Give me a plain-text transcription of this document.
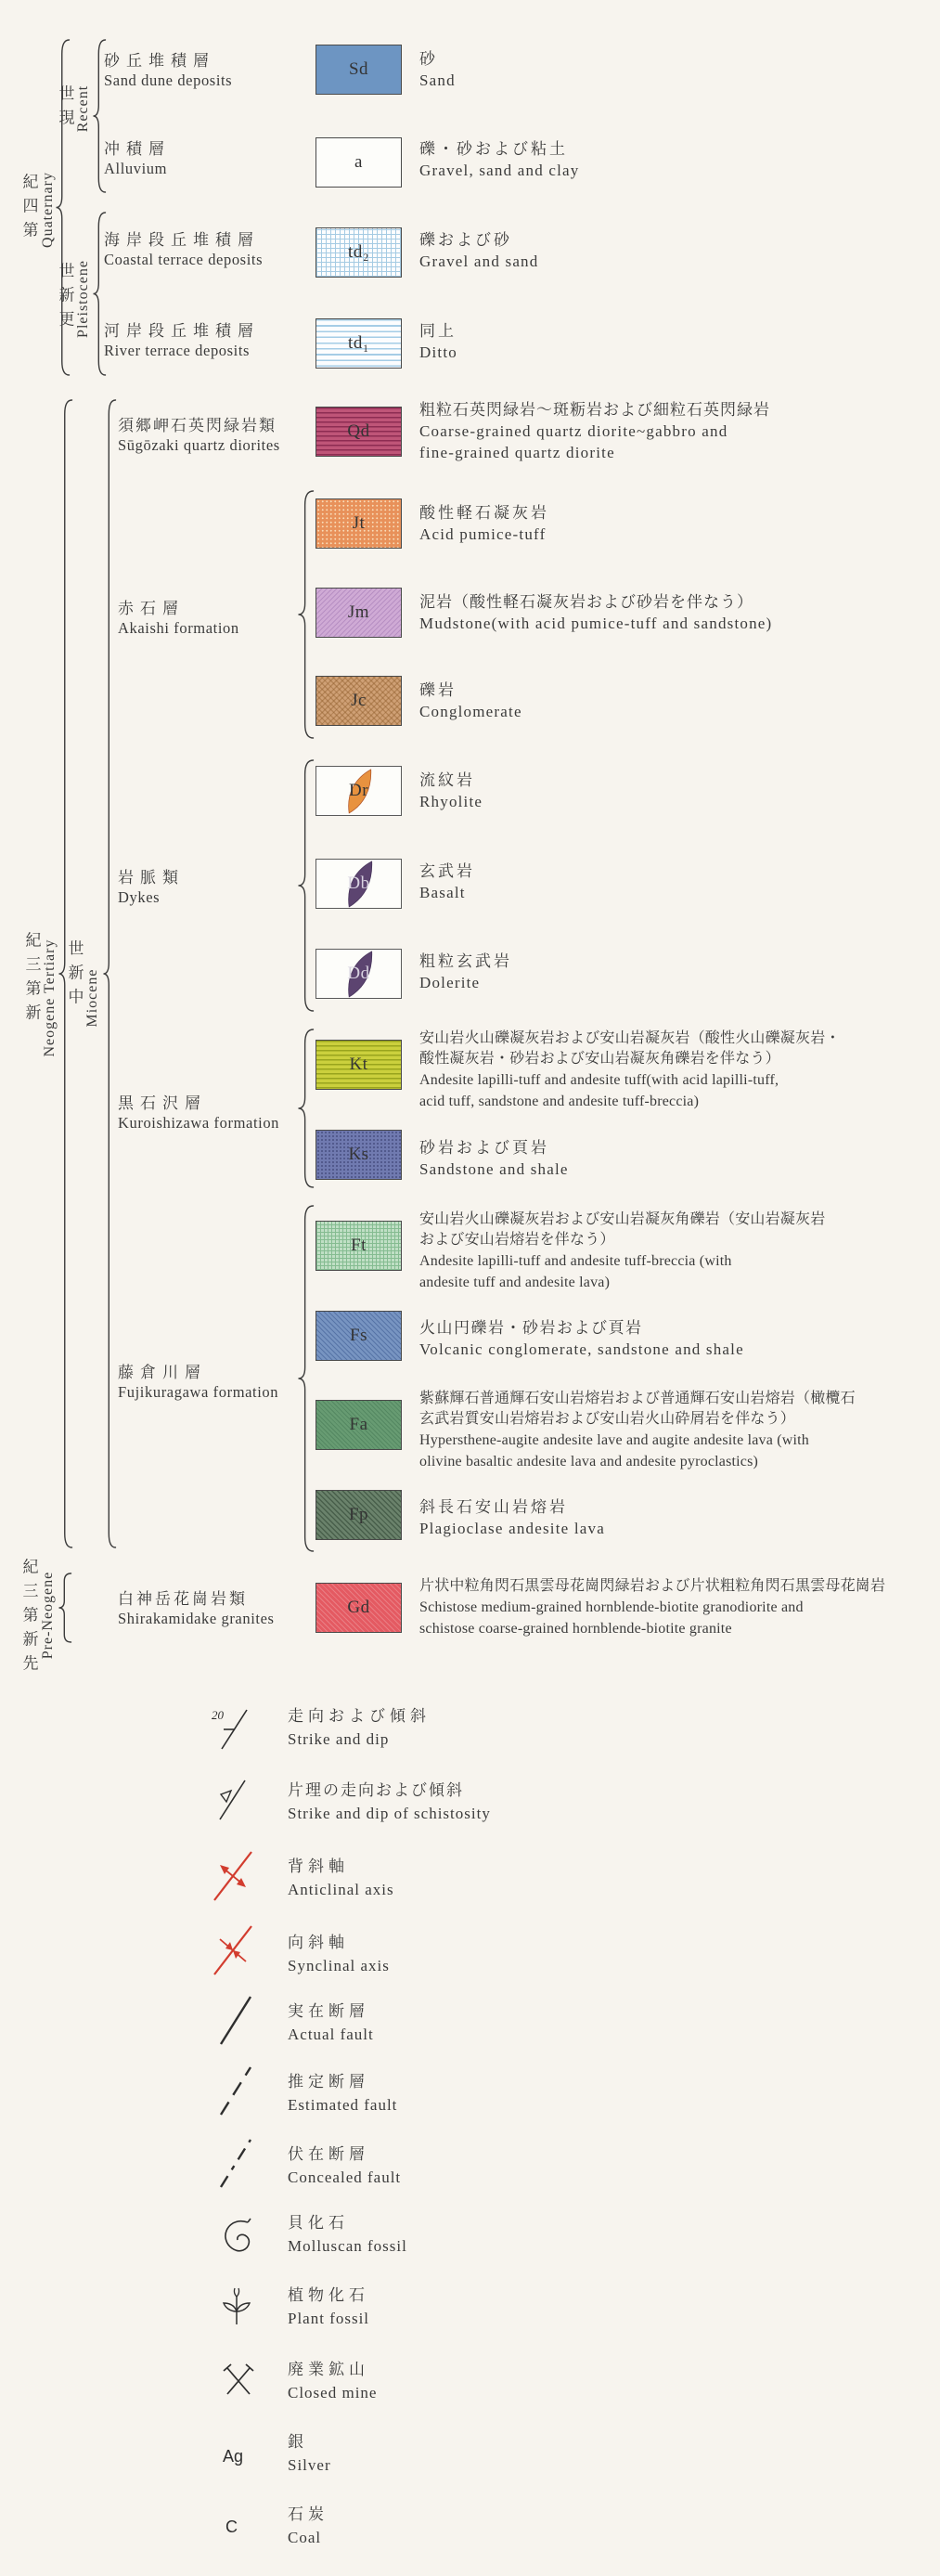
第
四
紀 Quaternary
現
世 Recent
更
新
世 Pleistocene
新
第
三
紀 Neogene Tertiary 中
新
世
Miocene
先
新
第
三
紀
Pre-Neogene
砂丘堆積層
Sand dune deposits
冲積層
Alluvium
海岸段丘堆積層
Coastal terrace deposits
河岸段丘堆積層
River terrace deposits
須郷岬石英閃緑岩類
Sūgōzaki quartz diorites
白神岳花崗岩類
Shirakamidake granites
赤石層
Akaishi formation
岩脈類
Dykes
黒石沢層
Kuroishizawa formation
藤倉川層
Fujikuragawa formation
Sd
a
td₂
td₁
Qd
Jt
Jm
Jc
Dr
Db
Dd
Kt
Ks
Ft
Fs
Fa
Fp
Gd
砂
Sand
礫・砂および粘土
Gravel, sand and clay
礫および砂
Gravel and sand
同上
Ditto
粗粒石英閃緑岩～斑粝岩および細粒石英閃緑岩
Coarse-grained quartz diorite~gabbro and
fine-grained quartz diorite
酸性軽石凝灰岩
Acid pumice-tuff
泥岩（酸性軽石凝灰岩および砂岩を伴なう）
Mudstone(with acid pumice-tuff and sandstone)
礫岩
Conglomerate
流紋岩
Rhyolite
玄武岩
Basalt
粗粒玄武岩
Dolerite
安山岩火山礫凝灰岩および安山岩凝灰岩（酸性火山礫凝灰岩・
酸性凝灰岩・砂岩および安山岩凝灰角礫岩を伴なう）
Andesite lapilli-tuff and andesite tuff(with acid lapilli-tuff,
acid tuff, sandstone and andesite tuff-breccia)
砂岩および頁岩
Sandstone and shale
安山岩火山礫凝灰岩および安山岩凝灰角礫岩（安山岩凝灰岩
および安山岩熔岩を伴なう）
Andesite lapilli-tuff and andesite tuff-breccia (with
andesite tuff and andesite lava)
火山円礫岩・砂岩および頁岩
Volcanic conglomerate, sandstone and shale
紫蘇輝石普通輝石安山岩熔岩および普通輝石安山岩熔岩（橄欖石
玄武岩質安山岩熔岩および安山岩火山砕屑岩を伴なう）
Hypersthene-augite andesite lave and augite andesite lava (with
olivine basaltic andesite lava and andesite pyroclastics)
斜長石安山岩熔岩
Plagioclase andesite lava
片状中粒角閃石黒雲母花崗閃緑岩および片状粗粒角閃石黒雲母花崗岩
Schistose medium-grained hornblende-biotite granodiorite and
schistose coarse-grained hornblende-biotite granite
20	走向および傾斜
Strike and dip
片理の走向および傾斜
Strike and dip of schistosity
背斜軸
Anticlinal axis
向斜軸
Synclinal axis
実在断層
Actual fault
推定断層
Estimated fault
伏在断層
Concealed fault
貝化石
Molluscan fossil
植物化石
Plant fossil
廃業鉱山
Closed mine
Ag
銀
Silver
C
石炭
Coal
